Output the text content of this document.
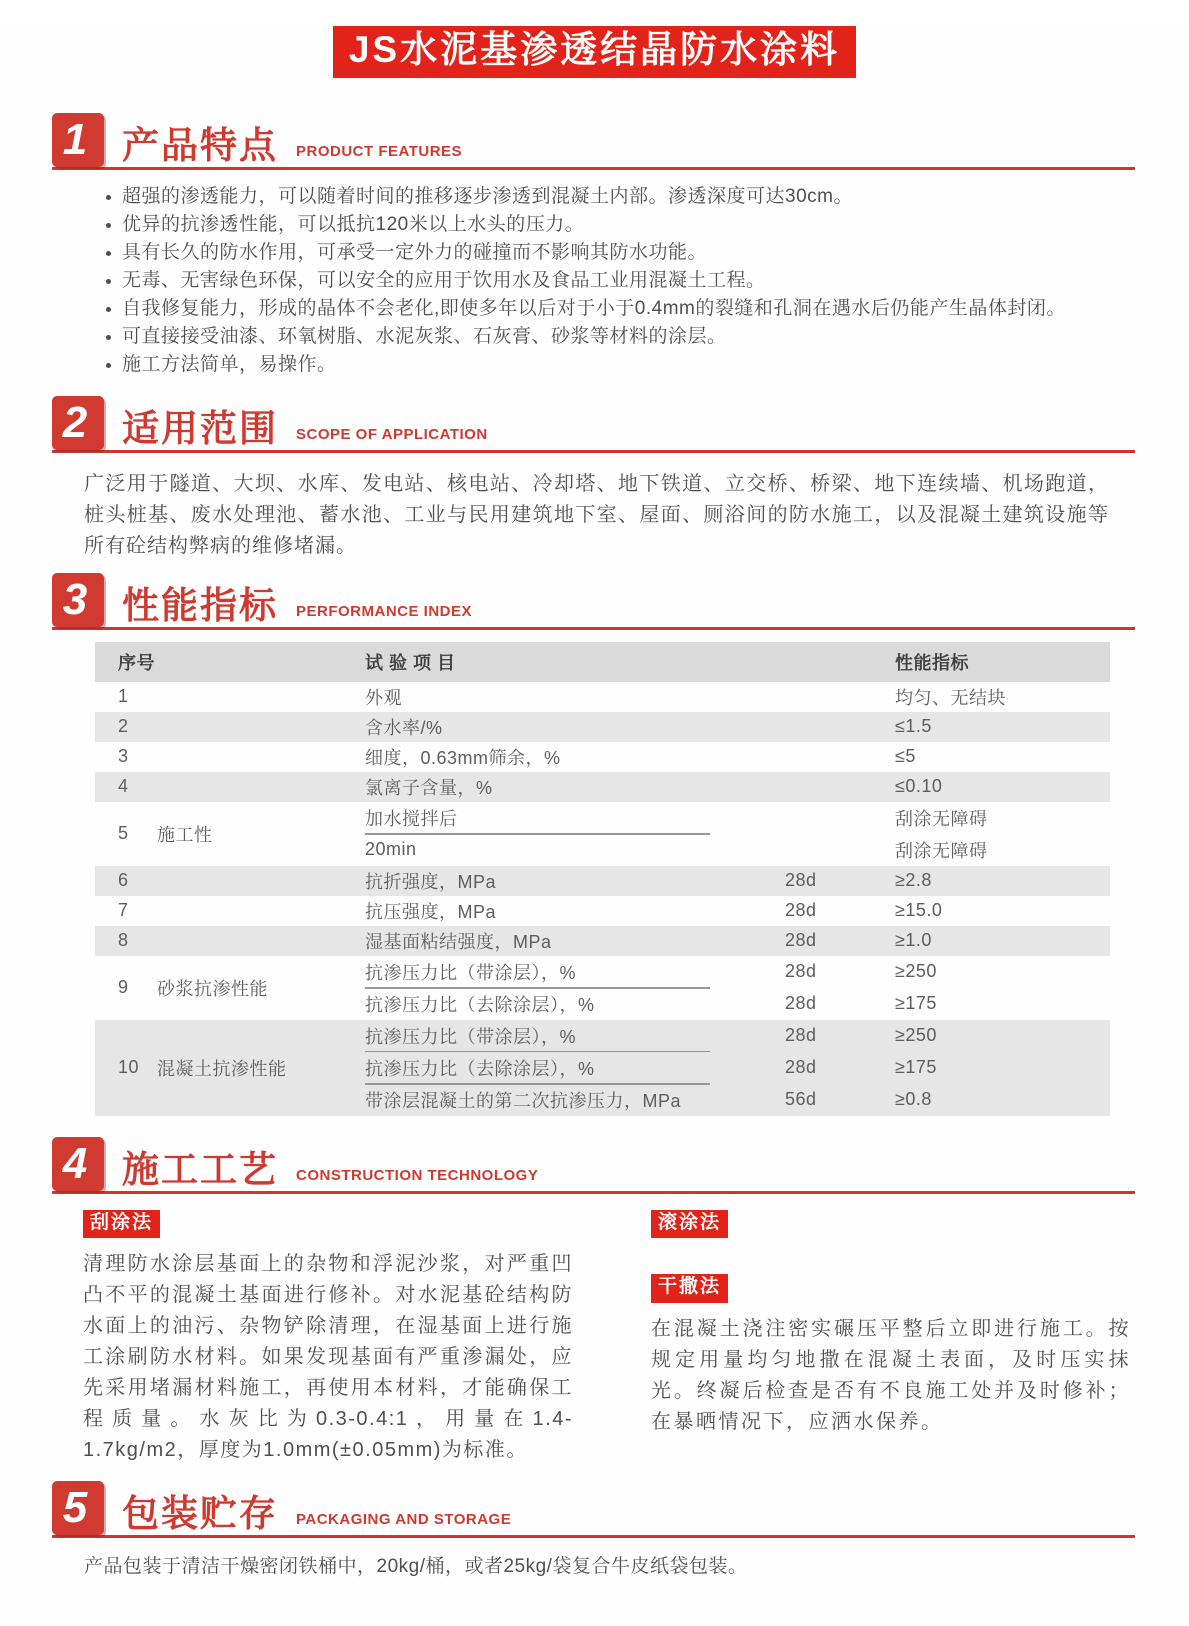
JS水泥基渗透结晶防水涂料
1 产品特点 PRODUCT FEATURES
超强的渗透能力，可以随着时间的推移逐步渗透到混凝土内部。渗透深度可达30cm。
优异的抗渗透性能，可以抵抗120米以上水头的压力。
具有长久的防水作用，可承受一定外力的碰撞而不影响其防水功能。
无毒、无害绿色环保，可以安全的应用于饮用水及食品工业用混凝土工程。
自我修复能力，形成的晶体不会老化,即使多年以后对于小于0.4mm的裂缝和孔洞在遇水后仍能产生晶体封闭。
可直接接受油漆、环氧树脂、水泥灰浆、石灰膏、砂浆等材料的涂层。
施工方法简单，易操作。
2 适用范围 SCOPE OF APPLICATION

广泛用于隧道、大坝、水库、发电站、核电站、冷却塔、地下铁道、立交桥、桥梁、地下连续墙、机场跑道，桩头桩基、废水处理池、蓄水池、工业与民用建筑地下室、屋面、厕浴间的防水施工，以及混凝土建筑设施等所有砼结构弊病的维修堵漏。

3 性能指标 PERFORMANCE INDEX
序号		试 验 项 目		性能指标
1		外观		均匀、无结块
2		含水率/%		≤1.5
3		细度，0.63mm筛余，%		≤5
4		氯离子含量，%		≤0.10
5	施工性	加水搅拌后		刮涂无障碍
		20min		刮涂无障碍
6		抗折强度，MPa	28d	≥2.8
7		抗压强度，MPa	28d	≥15.0
8		湿基面粘结强度，MPa	28d	≥1.0
9	砂浆抗渗性能	抗渗压力比（带涂层），%	28d	≥250
		抗渗压力比（去除涂层），%	28d	≥175
10	混凝土抗渗性能	抗渗压力比（带涂层），%	28d	≥250
		抗渗压力比（去除涂层），%	28d	≥175
		带涂层混凝土的第二次抗渗压力，MPa	56d	≥0.8
4 施工工艺 CONSTRUCTION TECHNOLOGY
刮涂法

清理防水涂层基面上的杂物和浮泥沙浆，对严重凹凸不平的混凝土基面进行修补。对水泥基砼结构防水面上的油污、杂物铲除清理，在湿基面上进行施工涂刷防水材料。如果发现基面有严重渗漏处，应先采用堵漏材料施工，再使用本材料，才能确保工程质量。水灰比为0.3-0.4:1，用量在1.4-1.7kg/m2，厚度为1.0mm(±0.05mm)为标准。

滚涂法
干撒法

在混凝土浇注密实碾压平整后立即进行施工。按规定用量均匀地撒在混凝土表面，及时压实抹光。终凝后检查是否有不良施工处并及时修补；在暴晒情况下，应洒水保养。

5 包装贮存 PACKAGING AND STORAGE

产品包装于清洁干燥密闭铁桶中，20kg/桶，或者25kg/袋复合牛皮纸袋包装。
